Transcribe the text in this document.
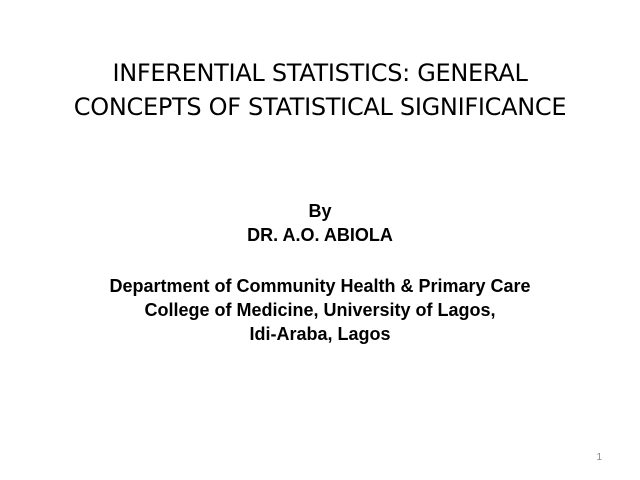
INFERENTIAL STATISTICS: GENERAL
CONCEPTS OF STATISTICAL SIGNIFICANCE
By
DR. A.O. ABIOLA
Department of Community Health & Primary Care
College of Medicine, University of Lagos,
Idi-Araba, Lagos
1
